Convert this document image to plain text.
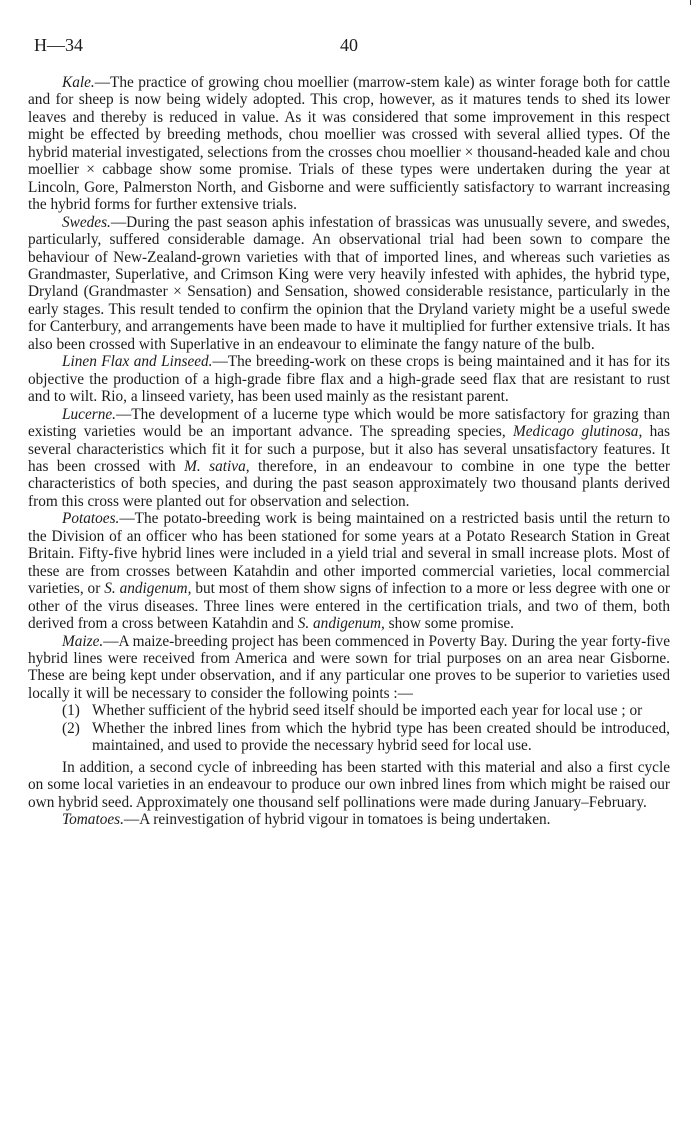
H—34	40

Kale.—The practice of growing chou moellier (marrow-stem kale) as winter forage both for cattle and for sheep is now being widely adopted. This crop, however, as it matures tends to shed its lower leaves and thereby is reduced in value. As it was considered that some improvement in this respect might be effected by breeding methods, chou moellier was crossed with several allied types. Of the hybrid material investigated, selections from the crosses chou moellier × thousand-headed kale and chou moellier × cabbage show some promise. Trials of these types were undertaken during the year at Lincoln, Gore, Palmerston North, and Gisborne and were sufficiently satisfactory to warrant increasing the hybrid forms for further extensive trials.

Swedes.—During the past season aphis infestation of brassicas was unusually severe, and swedes, particularly, suffered considerable damage. An observational trial had been sown to compare the behaviour of New-Zealand-grown varieties with that of imported lines, and whereas such varieties as Grandmaster, Superlative, and Crimson King were very heavily infested with aphides, the hybrid type, Dryland (Grandmaster × Sensation) and Sensation, showed considerable resistance, particularly in the early stages. This result tended to confirm the opinion that the Dryland variety might be a useful swede for Canterbury, and arrangements have been made to have it multiplied for further extensive trials. It has also been crossed with Superlative in an endeavour to eliminate the fangy nature of the bulb.

Linen Flax and Linseed.—The breeding-work on these crops is being maintained and it has for its objective the production of a high-grade fibre flax and a high-grade seed flax that are resistant to rust and to wilt. Rio, a linseed variety, has been used mainly as the resistant parent.

Lucerne.—The development of a lucerne type which would be more satisfactory for grazing than existing varieties would be an important advance. The spreading species, Medicago glutinosa, has several characteristics which fit it for such a purpose, but it also has several unsatisfactory features. It has been crossed with M. sativa, therefore, in an endeavour to combine in one type the better characteristics of both species, and during the past season approximately two thousand plants derived from this cross were planted out for observation and selection.

Potatoes.—The potato-breeding work is being maintained on a restricted basis until the return to the Division of an officer who has been stationed for some years at a Potato Research Station in Great Britain. Fifty-five hybrid lines were included in a yield trial and several in small increase plots. Most of these are from crosses between Katahdin and other imported commercial varieties, local commercial varieties, or S. andigenum, but most of them show signs of infection to a more or less degree with one or other of the virus diseases. Three lines were entered in the certification trials, and two of them, both derived from a cross between Katahdin and S. andigenum, show some promise.

Maize.—A maize-breeding project has been commenced in Poverty Bay. During the year forty-five hybrid lines were received from America and were sown for trial purposes on an area near Gisborne. These are being kept under observation, and if any particular one proves to be superior to varieties used locally it will be necessary to consider the following points :—

(1) Whether sufficient of the hybrid seed itself should be imported each year for local use ; or
(2) Whether the inbred lines from which the hybrid type has been created should be introduced, maintained, and used to provide the necessary hybrid seed for local use.

In addition, a second cycle of inbreeding has been started with this material and also a first cycle on some local varieties in an endeavour to produce our own inbred lines from which might be raised our own hybrid seed. Approximately one thousand self pollinations were made during January–February.

Tomatoes.—A reinvestigation of hybrid vigour in tomatoes is being undertaken.
